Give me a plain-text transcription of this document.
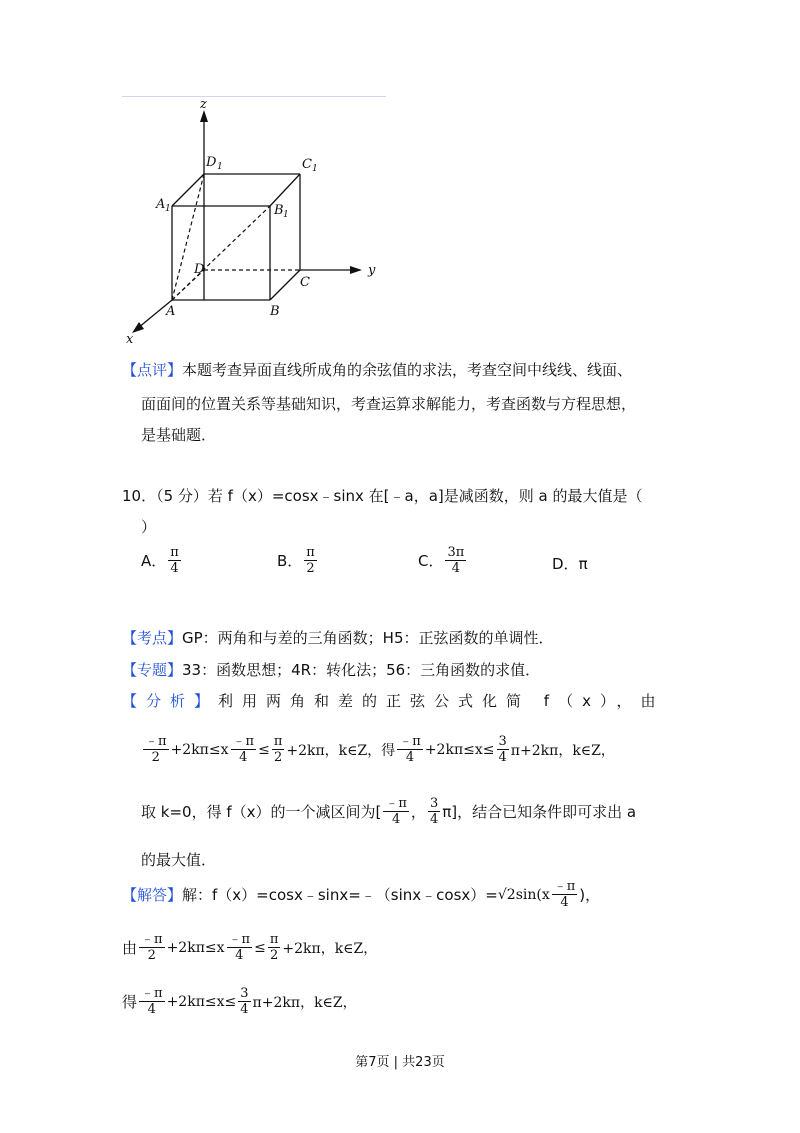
z
y
x
D 1	C 1
A 1	B 1
D
C
A	B
【点评】本题考查异面直线所成角的余弦值的求法，考查空间中线线、线面、
面面间的位置关系等基础知识，考查运算求解能力，考查函数与方程思想，
是基础题．
10．（5 分）若 f（x）=cosx﹣sinx 在[﹣a，a]是减函数，则 a 的最大值是（
）
A． $\frac{\pi}{4}$	B． $\frac{\pi}{2}$	C． $\frac{3\pi}{4}$	D． π
【考点】GP：两角和与差的三角函数；H5：正弦函数的单调性．
【专题】33：函数思想；4R：转化法；56：三角函数的求值．
【分析】利用两角和差的正弦公式化简 f（x），由
$\frac{﹣\pi}{2} +2k\pi\le x \frac{﹣\pi}{4} \le \frac{\pi}{2} +2k\pi$，k∈Z，得 $\frac{﹣\pi}{4} +2k\pi\le x\le \frac{3}{4} \pi+2k\pi$，k∈Z，
取 k=0，得 f（x）的一个减区间为[ $\frac{﹣\pi}{4}$ ， $\frac{3}{4} \pi$]，结合已知条件即可求出 a
的最大值．
【解答】 解：f（x）=cosx﹣sinx=﹣（sinx﹣cosx）= $√2\sin(x \frac{﹣\pi}{4}$ )，
由 $\frac{﹣\pi}{2} +2k\pi\le x \frac{﹣\pi}{4} \le \frac{\pi}{2} +2k\pi$，k∈Z，
得 $\frac{﹣\pi}{4} +2k\pi\le x\le \frac{3}{4} \pi+2k\pi$，k∈Z，
第7页 | 共23页
